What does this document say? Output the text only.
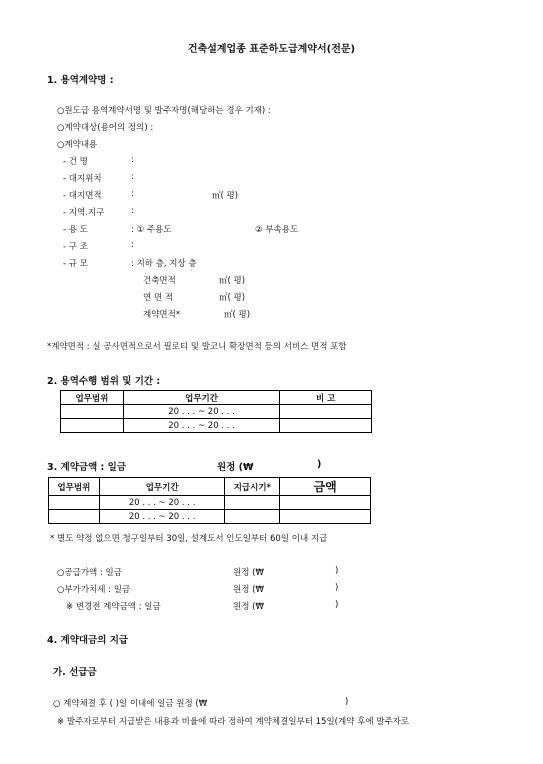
건축설계업종 표준하도급계약서(전문)
1. 용역계약명 :
○원도급 용역계약서명 및 발주자명(해당하는 경우 기재) :
○계약대상(용어의 정의) :
○계약내용
- 건 명	:
- 대지위치	:
- 대지면적	:	㎡( 평)
- 지역.지구	:
- 용 도	: ① 주용도	② 부속용도
- 구 조	:
- 규 모	: 지하 층, 지상 층
건축면적	㎡( 평)
연 면 적	㎡( 평)
계약면적*	㎡( 평)
*계약면적 : 실 공사면적으로서 필로티 및 발코니 확장면적 등의 서비스 면적 포함
2. 용역수행 범위 및 기간 :
업무범위	업무기간	비 고
	20 . . . ~ 20 . . .	
	20 . . . ~ 20 . . .	
3. 계약금액 : 일금	원정 (₩	)
업무범위	업무기간	지급시기*	금액
	20 . . . ~ 20 . . .		
	20 . . . ~ 20 . . .		
* 별도 약정 없으면 청구일부터 30일, 설계도서 인도일부터 60일 이내 지급
○공급가액 : 일금	원정 (₩	)
○부가가치세 : 일금	원정 (₩	)
※ 변경전 계약금액 : 일금	원정 (₩	)
4. 계약대금의 지급
가. 선급금
○ 계약체결 후 ( )일 이내에 일금 원정 (₩	)
※ 발주자로부터 지급받은 내용과 비율에 따라 정하여 계약체결일부터 15일(계약 후에 발주자로
